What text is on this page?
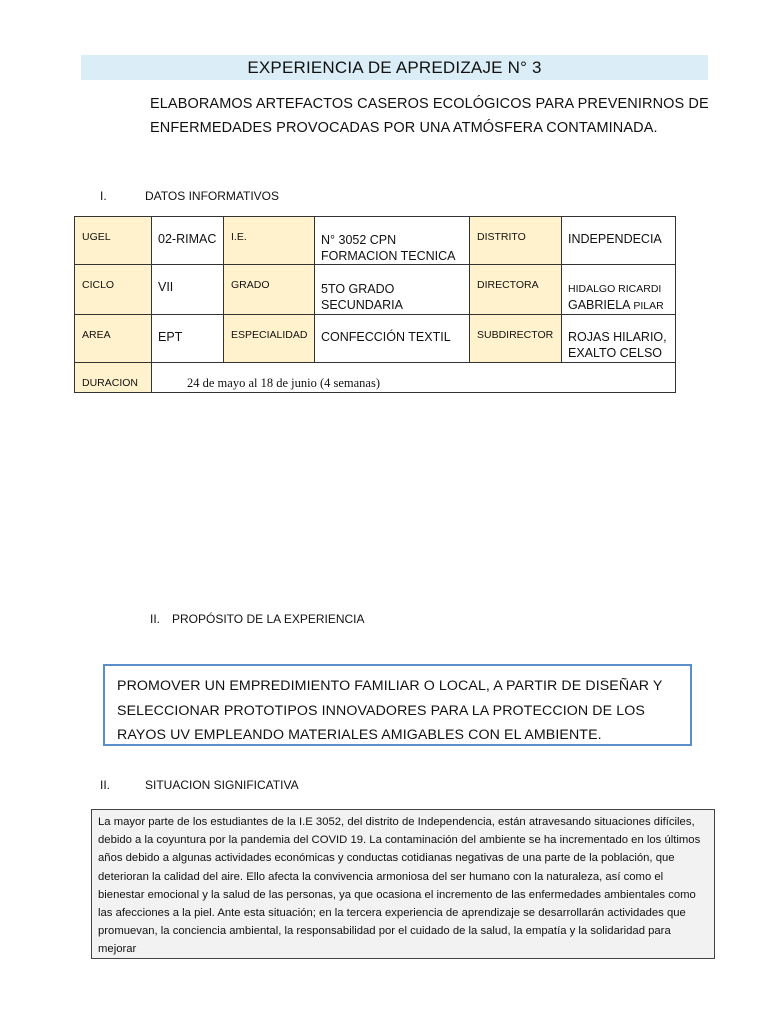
EXPERIENCIA DE APREDIZAJE N° 3
ELABORAMOS ARTEFACTOS CASEROS ECOLÓGICOS PARA PREVENIRNOS DE ENFERMEDADES PROVOCADAS POR UNA ATMÓSFERA CONTAMINADA.
I.	DATOS INFORMATIVOS
UGEL	02-RIMAC	I.E.	N° 3052 CPN FORMACION TECNICA	DISTRITO	INDEPENDECIA
CICLO	VII	GRADO	5TO GRADO SECUNDARIA	DIRECTORA	HIDALGO RICARDI
GABRIELA PILAR

AREA	EPT	ESPECIALIDAD	CONFECCIÓN TEXTIL	SUBDIRECTOR	ROJAS HILARIO, EXALTO CELSO
DURACION	24 de mayo al 18 de junio (4 semanas)				
II. PROPÓSITO DE LA EXPERIENCIA
PROMOVER UN EMPREDIMIENTO FAMILIAR O LOCAL, A PARTIR DE DISEÑAR Y SELECCIONAR PROTOTIPOS INNOVADORES PARA LA PROTECCION DE LOS RAYOS UV EMPLEANDO MATERIALES AMIGABLES CON EL AMBIENTE.
II.	SITUACION SIGNIFICATIVA
La mayor parte de los estudiantes de la I.E 3052, del distrito de Independencia, están atravesando situaciones difíciles, debido a la coyuntura por la pandemia del COVID 19. La contaminación del ambiente se ha incrementado en los últimos años debido a algunas actividades económicas y conductas cotidianas negativas de una parte de la población, que deterioran la calidad del aire. Ello afecta la convivencia armoniosa del ser humano con la naturaleza, así como el bienestar emocional y la salud de las personas, ya que ocasiona el incremento de las enfermedades ambientales como las afecciones a la piel. Ante esta situación; en la tercera experiencia de aprendizaje se desarrollarán actividades que promuevan, la conciencia ambiental, la responsabilidad por el cuidado de la salud, la empatía y la solidaridad para mejorar
